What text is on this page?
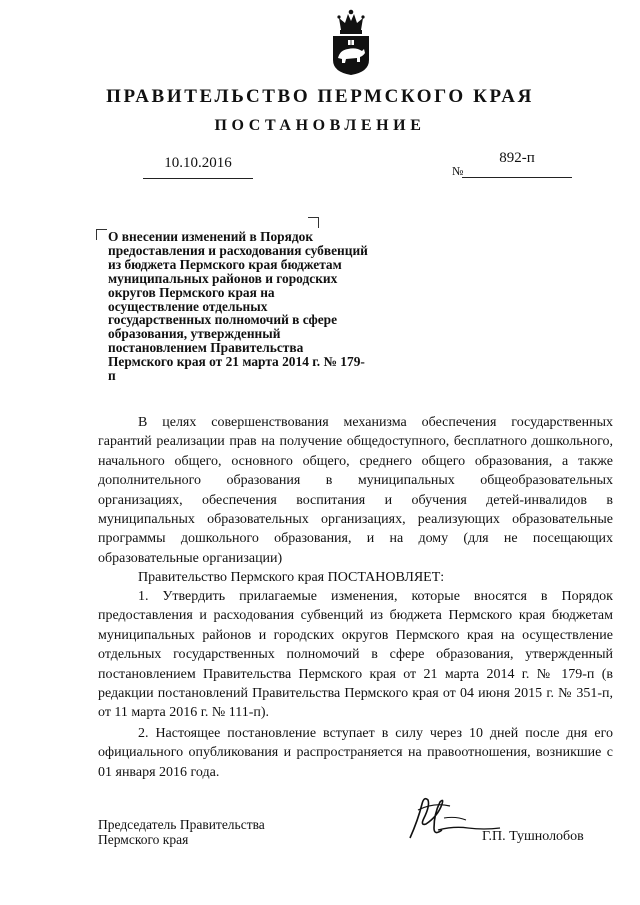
ПРАВИТЕЛЬСТВО ПЕРМСКОГО КРАЯ
ПОСТАНОВЛЕНИЕ
10.10.2016	№
892-п
О внесении изменений в Порядок предоставления и расходования субвенций из бюджета Пермского края бюджетам муниципальных районов и городских округов Пермского края на осуществление отдельных государственных полномочий в сфере образования, утвержденный постановлением Правительства Пермского края от 21 марта 2014 г. № 179-п
В целях совершенствования механизма обеспечения государственных гарантий реализации прав на получение общедоступного, бесплатного дошкольного, начального общего, основного общего, среднего общего образования, а также дополнительного образования в муниципальных общеобразовательных организациях, обеспечения воспитания и обучения детей-инвалидов в муниципальных образовательных организациях, реализующих образовательные программы дошкольного образования, и на дому (для не посещающих образовательные организации)
Правительство Пермского края ПОСТАНОВЛЯЕТ:
1. Утвердить прилагаемые изменения, которые вносятся в Порядок предоставления и расходования субвенций из бюджета Пермского края бюджетам муниципальных районов и городских округов Пермского края на осуществление отдельных государственных полномочий в сфере образования, утвержденный постановлением Правительства Пермского края от 21 марта 2014 г. № 179-п (в редакции постановлений Правительства Пермского края от 04 июня 2015 г. № 351-п, от 11 марта 2016 г. № 111-п).
2. Настоящее постановление вступает в силу через 10 дней после дня его официального опубликования и распространяется на правоотношения, возникшие с 01 января 2016 года.
Председатель Правительства
Пермского края	Г.П. Тушнолобов
